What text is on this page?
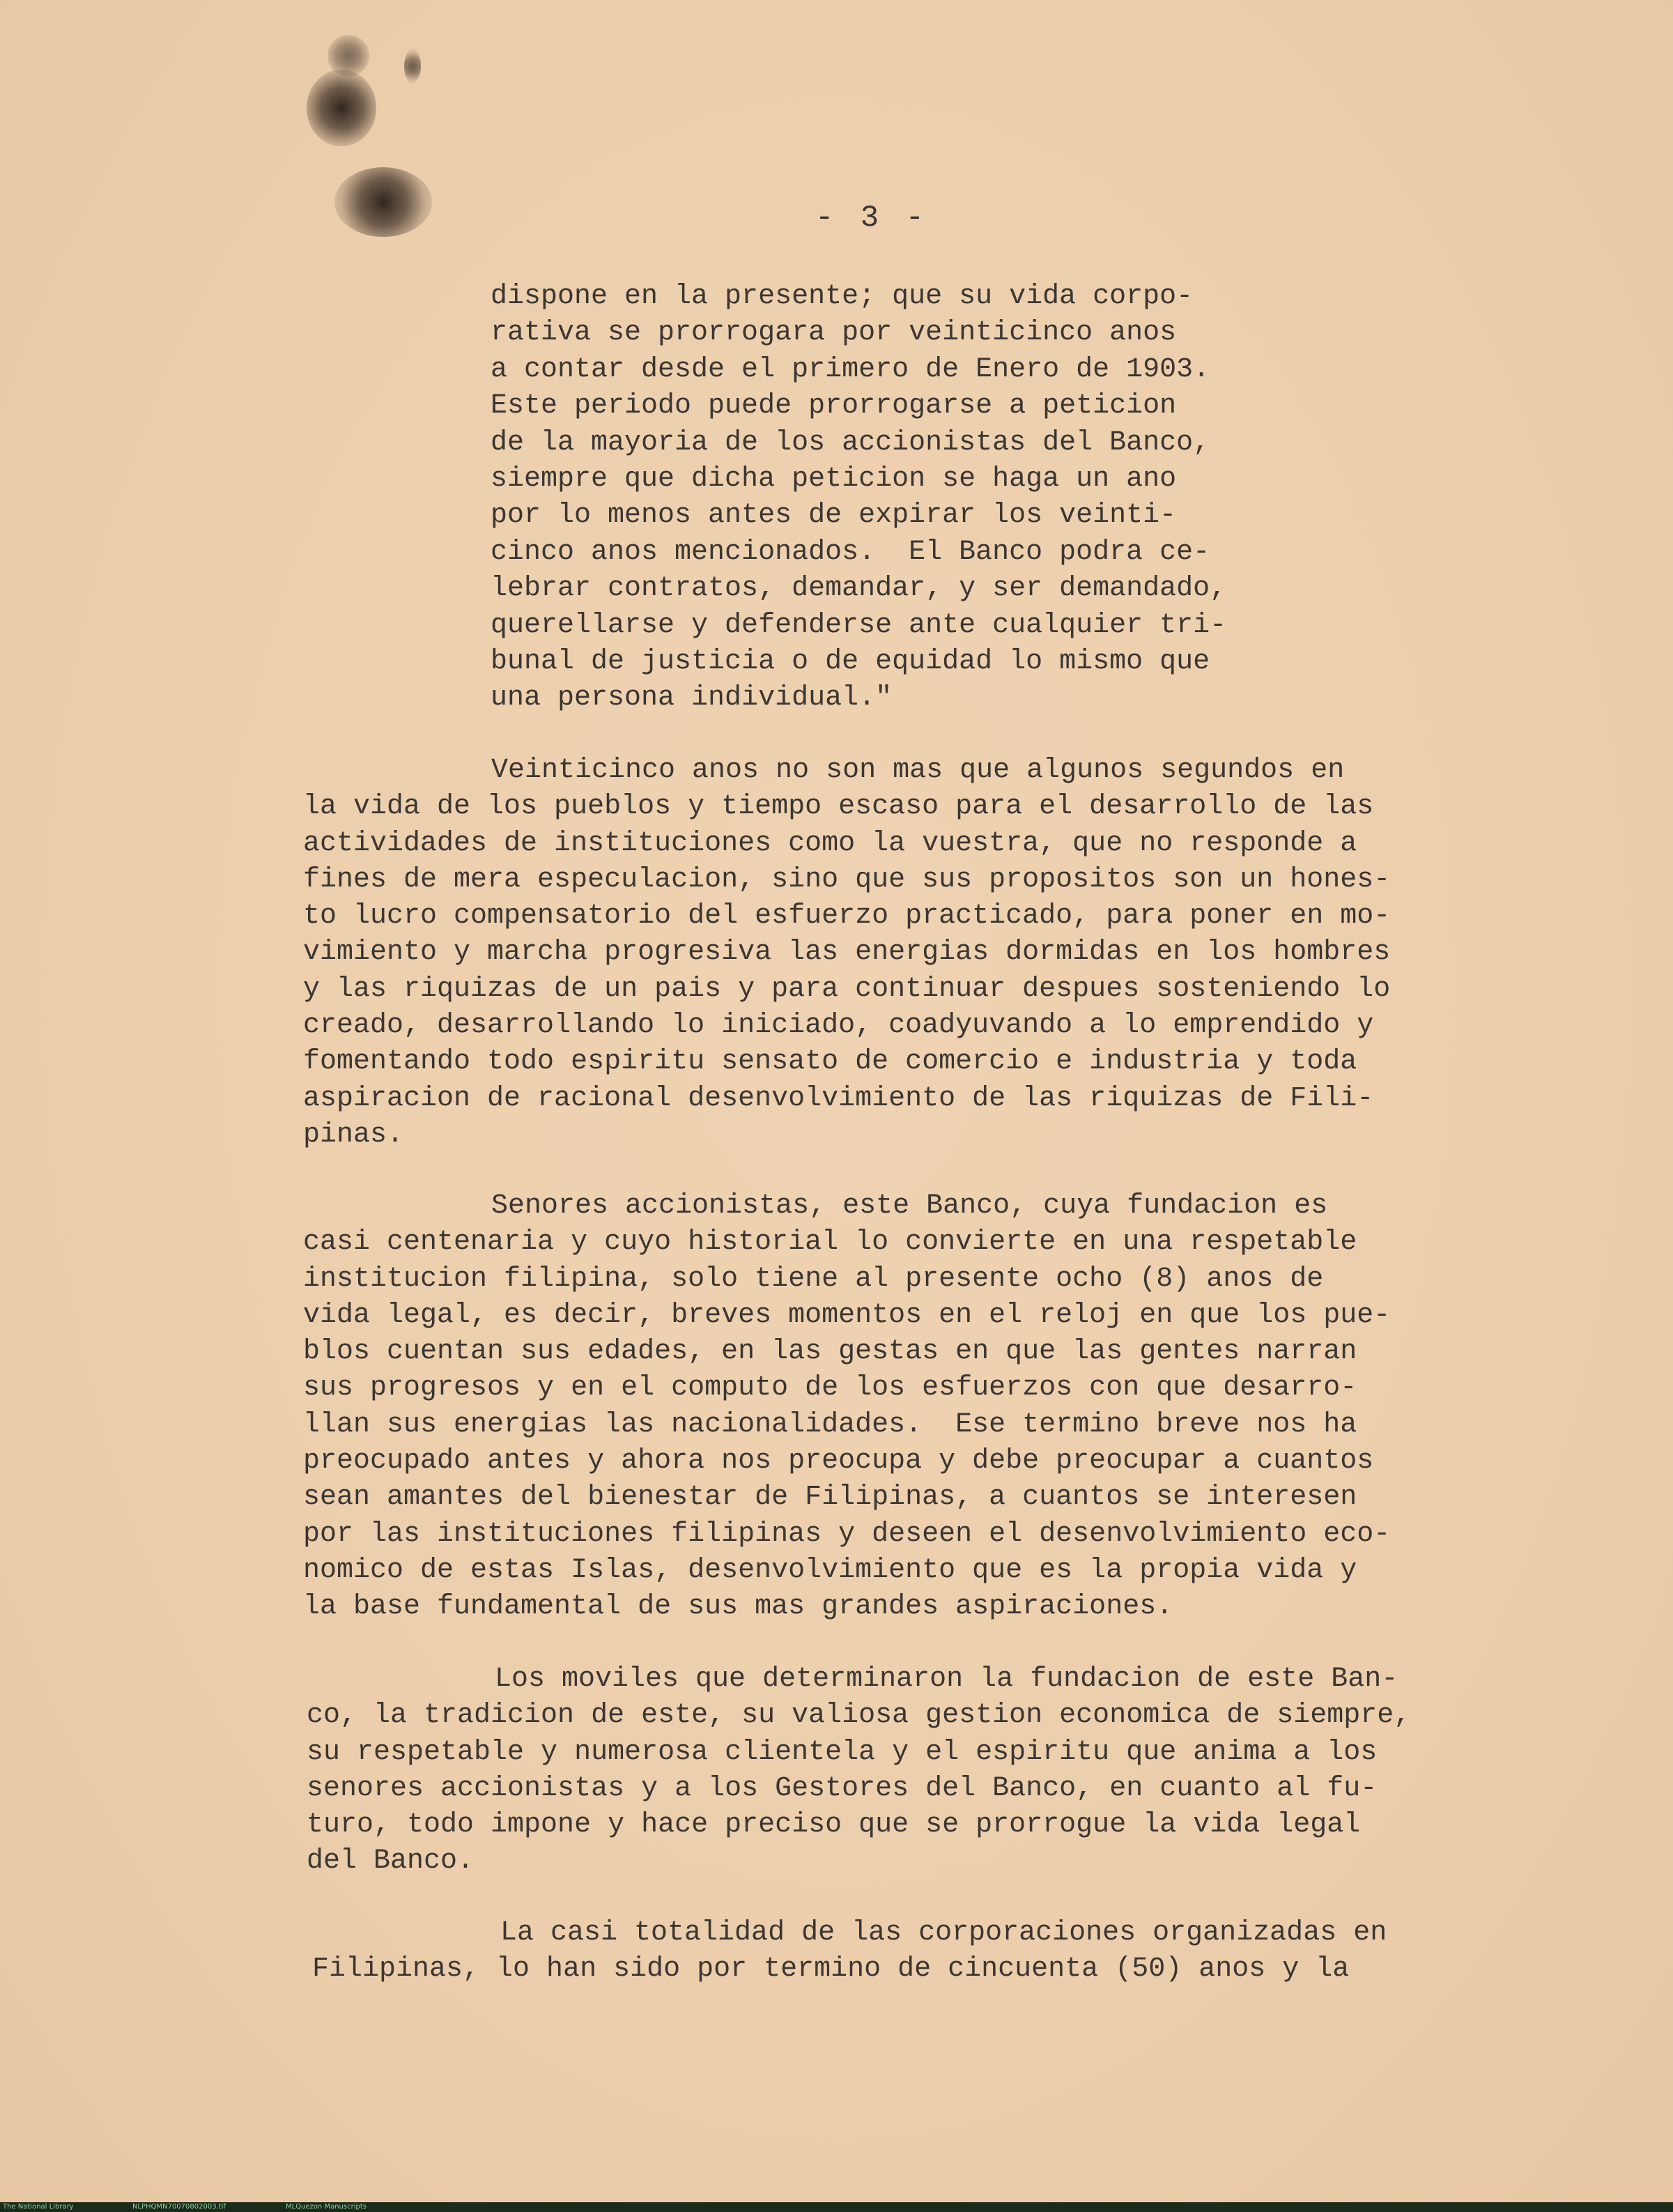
- 3 -
dispone en la presente; que su vida corpo-
rativa se prorrogara por veinticinco anos
a contar desde el primero de Enero de 1903.
Este periodo puede prorrogarse a peticion
de la mayoria de los accionistas del Banco,
siempre que dicha peticion se haga un ano
por lo menos antes de expirar los veinti-
cinco anos mencionados.  El Banco podra ce-
lebrar contratos, demandar, y ser demandado,
querellarse y defenderse ante cualquier tri-
bunal de justicia o de equidad lo mismo que
una persona individual."
Veinticinco anos no son mas que algunos segundos en
la vida de los pueblos y tiempo escaso para el desarrollo de las
actividades de instituciones como la vuestra, que no responde a
fines de mera especulacion, sino que sus propositos son un hones-
to lucro compensatorio del esfuerzo practicado, para poner en mo-
vimiento y marcha progresiva las energias dormidas en los hombres
y las riquizas de un pais y para continuar despues sosteniendo lo
creado, desarrollando lo iniciado, coadyuvando a lo emprendido y
fomentando todo espiritu sensato de comercio e industria y toda
aspiracion de racional desenvolvimiento de las riquizas de Fili-
pinas.
Senores accionistas, este Banco, cuya fundacion es
casi centenaria y cuyo historial lo convierte en una respetable
institucion filipina, solo tiene al presente ocho (8) anos de
vida legal, es decir, breves momentos en el reloj en que los pue-
blos cuentan sus edades, en las gestas en que las gentes narran
sus progresos y en el computo de los esfuerzos con que desarro-
llan sus energias las nacionalidades.  Ese termino breve nos ha
preocupado antes y ahora nos preocupa y debe preocupar a cuantos
sean amantes del bienestar de Filipinas, a cuantos se interesen
por las instituciones filipinas y deseen el desenvolvimiento eco-
nomico de estas Islas, desenvolvimiento que es la propia vida y
la base fundamental de sus mas grandes aspiraciones.
Los moviles que determinaron la fundacion de este Ban-
co, la tradicion de este, su valiosa gestion economica de siempre,
su respetable y numerosa clientela y el espiritu que anima a los
senores accionistas y a los Gestores del Banco, en cuanto al fu-
turo, todo impone y hace preciso que se prorrogue la vida legal
del Banco.
La casi totalidad de las corporaciones organizadas en
Filipinas, lo han sido por termino de cincuenta (50) anos y la
The National Library	NLPHQMN70070802003.tif	MLQuezon Manuscripts
